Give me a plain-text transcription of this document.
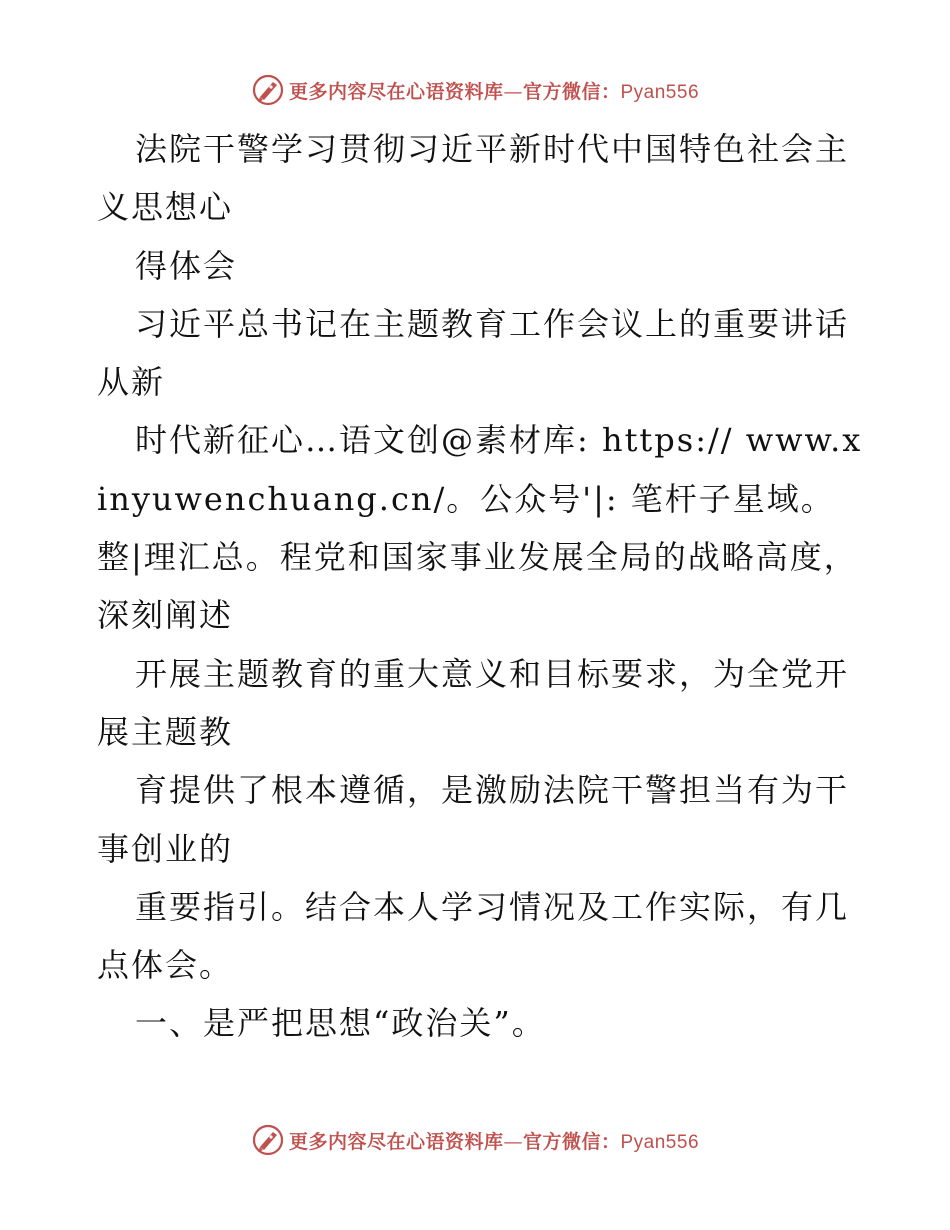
更多内容尽在心语资料库—官方微信：Pyan556

法院干警学习贯彻习近平新时代中国特色社会主义思想心

得体会

习近平总书记在主题教育工作会议上的重要讲话从新

时代新征心…语文创@素材库: https:// www.xinyuwenchuang.cn/。公众号'|: 笔杆子星域。整|理汇总。程党和国家事业发展全局的战略高度，深刻阐述

开展主题教育的重大意义和目标要求，为全党开展主题教

育提供了根本遵循，是激励法院干警担当有为干事创业的

重要指引。结合本人学习情况及工作实际，有几点体会。

一、是严把思想“政治关”。

更多内容尽在心语资料库—官方微信：Pyan556
